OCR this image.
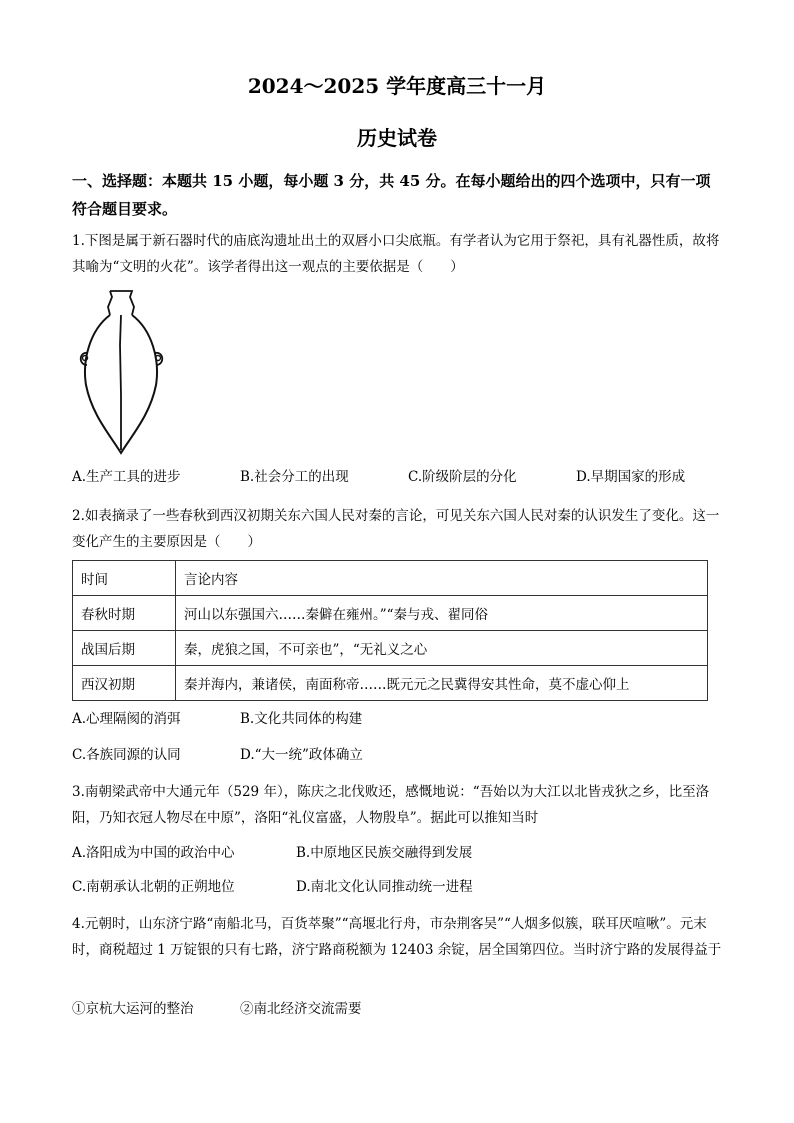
2024～2025 学年度高三十一月
历史试卷
一、选择题：本题共 15 小题，每小题 3 分，共 45 分。在每小题给出的四个选项中，只有一项符合题目要求。
1.下图是属于新石器时代的庙底沟遗址出土的双唇小口尖底瓶。有学者认为它用于祭祀，具有礼器性质，故将其喻为“文明的火花”。该学者得出这一观点的主要依据是（　　）
A.生产工具的进步	B.社会分工的出现	C.阶级阶层的分化	D.早期国家的形成
2.如表摘录了一些春秋到西汉初期关东六国人民对秦的言论，可见关东六国人民对秦的认识发生了变化。这一变化产生的主要原因是（　　）
时间	言论内容
春秋时期	河山以东强国六……秦僻在雍州。”“秦与戎、翟同俗
战国后期	秦，虎狼之国，不可亲也”，“无礼义之心
西汉初期	秦并海内，兼诸侯，南面称帝……既元元之民冀得安其性命，莫不虚心仰上
A.心理隔阂的消弭	B.文化共同体的构建
C.各族同源的认同	D.“大一统”政体确立
3.南朝梁武帝中大通元年（529 年），陈庆之北伐败还，感慨地说：“吾始以为大江以北皆戎狄之乡，比至洛阳，乃知衣冠人物尽在中原”，洛阳“礼仪富盛，人物殷阜”。据此可以推知当时
A.洛阳成为中国的政治中心	B.中原地区民族交融得到发展
C.南朝承认北朝的正朔地位	D.南北文化认同推动统一进程
4.元朝时，山东济宁路“南船北马，百货萃聚”“高堰北行舟，市杂荆客吴”“人烟多似簇，联耳厌喧啾”。元末时，商税超过 1 万锭银的只有七路，济宁路商税额为 12403 余锭，居全国第四位。当时济宁路的发展得益于
①京杭大运河的整治	②南北经济交流需要
